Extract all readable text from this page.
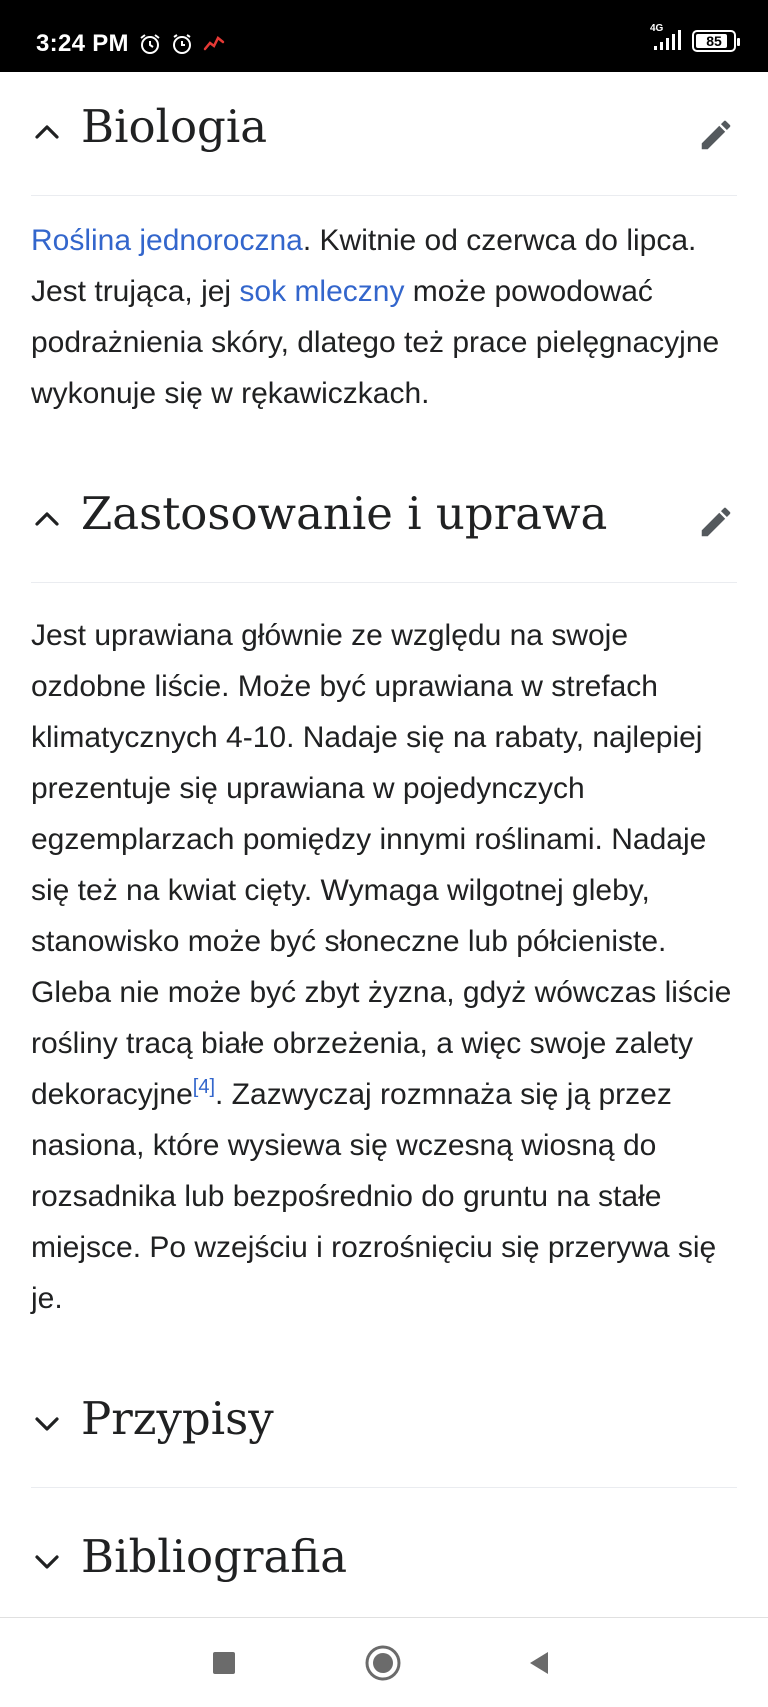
3:24 PM
4G
85
Biologia

Roślina jednoroczna. Kwitnie od czerwca do lipca. Jest trująca, jej sok mleczny może powodować podrażnienia skóry, dlatego też prace pielęgnacyjne wykonuje się w rękawiczkach.

Zastosowanie i uprawa

Jest uprawiana głównie ze względu na swoje ozdobne liście. Może być uprawiana w strefach klimatycznych 4-10. Nadaje się na rabaty, najlepiej prezentuje się uprawiana w pojedynczych egzemplarzach pomiędzy innymi roślinami. Nadaje się też na kwiat cięty. Wymaga wilgotnej gleby, stanowisko może być słoneczne lub półcieniste. Gleba nie może być zbyt żyzna, gdyż wówczas liście rośliny tracą białe obrzeżenia, a więc swoje zalety dekoracyjne[4]. Zazwyczaj rozmnaża się ją przez nasiona, które wysiewa się wczesną wiosną do rozsadnika lub bezpośrednio do gruntu na stałe miejsce. Po wzejściu i rozrośnięciu się przerywa się je.

Przypisy
Bibliografia
